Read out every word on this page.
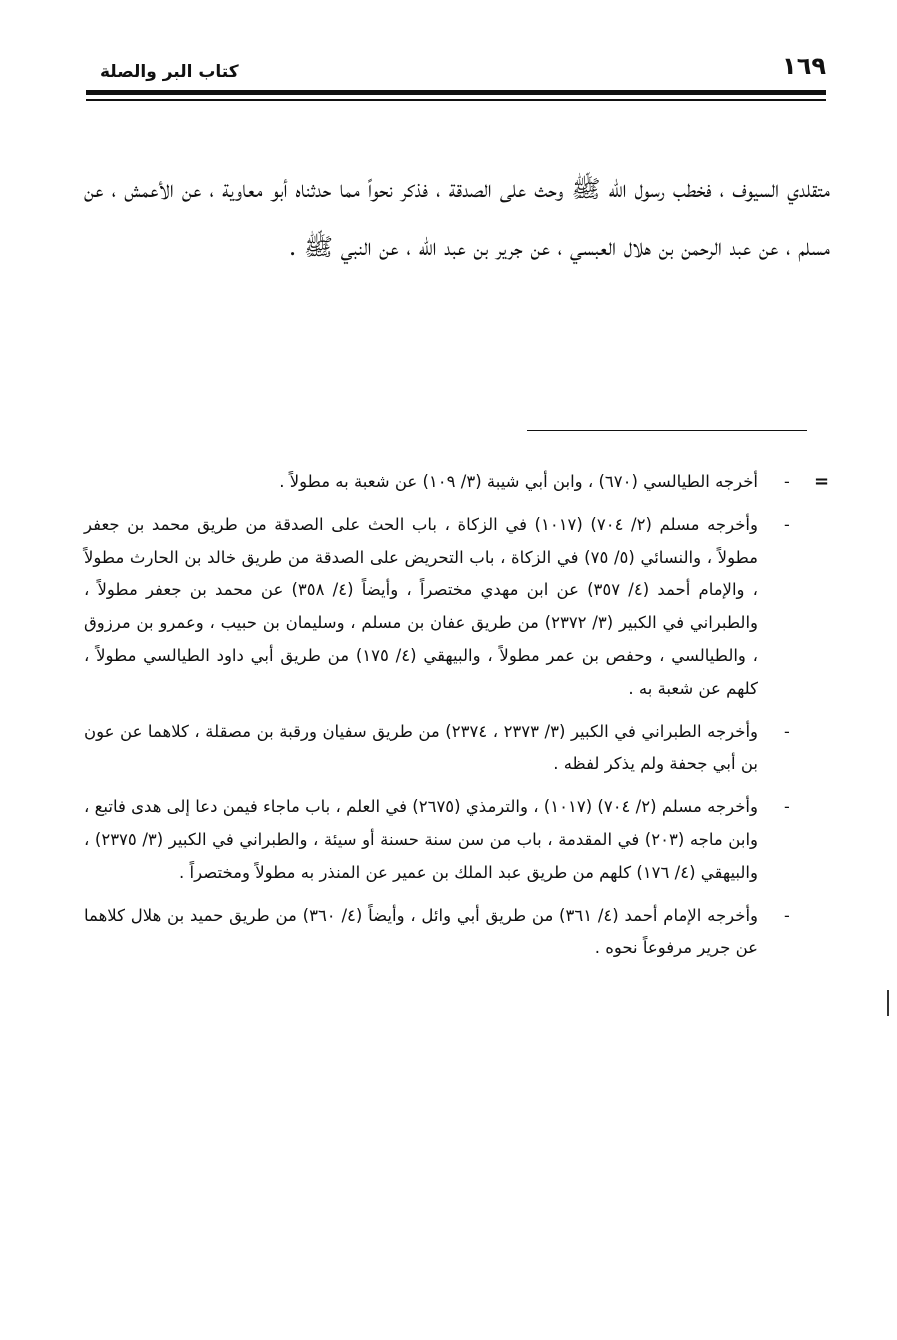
١٦٩
كتاب البر والصلة

متقلدي السيوف ، فخطب رسول الله ﷺ وحث على الصدقة ، فذكر نحواً مما حدثناه أبو معاوية ، عن الأعمش ، عن مسلم ، عن عبد الرحمن بن هلال العبسي ، عن جرير بن عبد الله ، عن النبي ﷺ .

=
-
أخرجه الطيالسي (٦٧٠) ، وابن أبي شيبة (٣/ ١٠٩) عن شعبة به مطولاً .
-
وأخرجه مسلم (٢/ ٧٠٤) (١٠١٧) في الزكاة ، باب الحث على الصدقة من طريق محمد بن جعفر مطولاً ، والنسائي (٥/ ٧٥) في الزكاة ، باب التحريض على الصدقة من طريق خالد بن الحارث مطولاً ، والإمام أحمد (٤/ ٣٥٧) عن ابن مهدي مختصراً ، وأيضاً (٤/ ٣٥٨) عن محمد بن جعفر مطولاً ، والطبراني في الكبير (٣/ ٢٣٧٢) من طريق عفان بن مسلم ، وسليمان بن حبيب ، وعمرو بن مرزوق ، والطيالسي ، وحفص بن عمر مطولاً ، والبيهقي (٤/ ١٧٥) من طريق أبي داود الطيالسي مطولاً ، كلهم عن شعبة به .
-
وأخرجه الطبراني في الكبير (٣/ ٢٣٧٣ ، ٢٣٧٤) من طريق سفيان ورقبة بن مصقلة ، كلاهما عن عون بن أبي جحفة ولم يذكر لفظه .
-
وأخرجه مسلم (٢/ ٧٠٤) (١٠١٧) ، والترمذي (٢٦٧٥) في العلم ، باب ماجاء فيمن دعا إلى هدى فاتبع ، وابن ماجه (٢٠٣) في المقدمة ، باب من سن سنة حسنة أو سيئة ، والطبراني في الكبير (٣/ ٢٣٧٥) ، والبيهقي (٤/ ١٧٦) كلهم من طريق عبد الملك بن عمير عن المنذر به مطولاً ومختصراً .
-
وأخرجه الإمام أحمد (٤/ ٣٦١) من طريق أبي وائل ، وأيضاً (٤/ ٣٦٠) من طريق حميد بن هلال كلاهما عن جرير مرفوعاً نحوه .
